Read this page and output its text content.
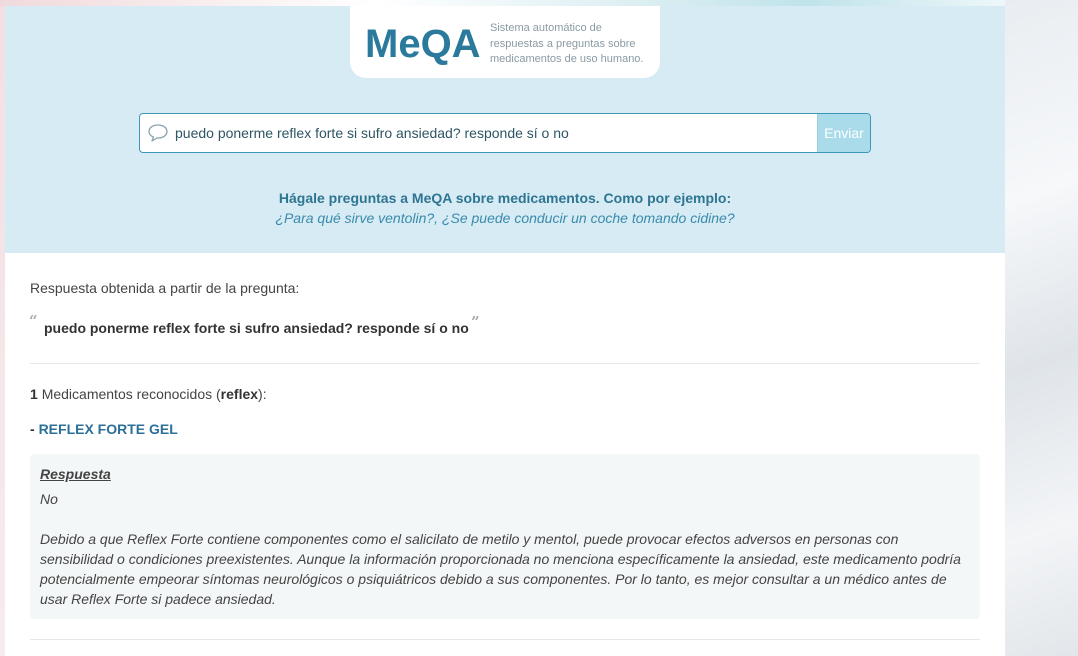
MeQA Sistema automático de respuestas a preguntas sobre medicamentos de uso humano.
puedo ponerme reflex forte si sufro ansiedad? responde sí o no
Enviar
Hágale preguntas a MeQA sobre medicamentos. Como por ejemplo:
¿Para qué sirve ventolin?, ¿Se puede conducir un coche tomando cidine?
Respuesta obtenida a partir de la pregunta:
“ puedo ponerme reflex forte si sufro ansiedad? responde sí o no ”
1 Medicamentos reconocidos (reflex):
- REFLEX FORTE GEL
Respuesta
No

Debido a que Reflex Forte contiene componentes como el salicilato de metilo y mentol, puede provocar efectos adversos en personas con sensibilidad o condiciones preexistentes. Aunque la información proporcionada no menciona específicamente la ansiedad, este medicamento podría potencialmente empeorar síntomas neurológicos o psiquiátricos debido a sus componentes. Por lo tanto, es mejor consultar a un médico antes de usar Reflex Forte si padece ansiedad.
